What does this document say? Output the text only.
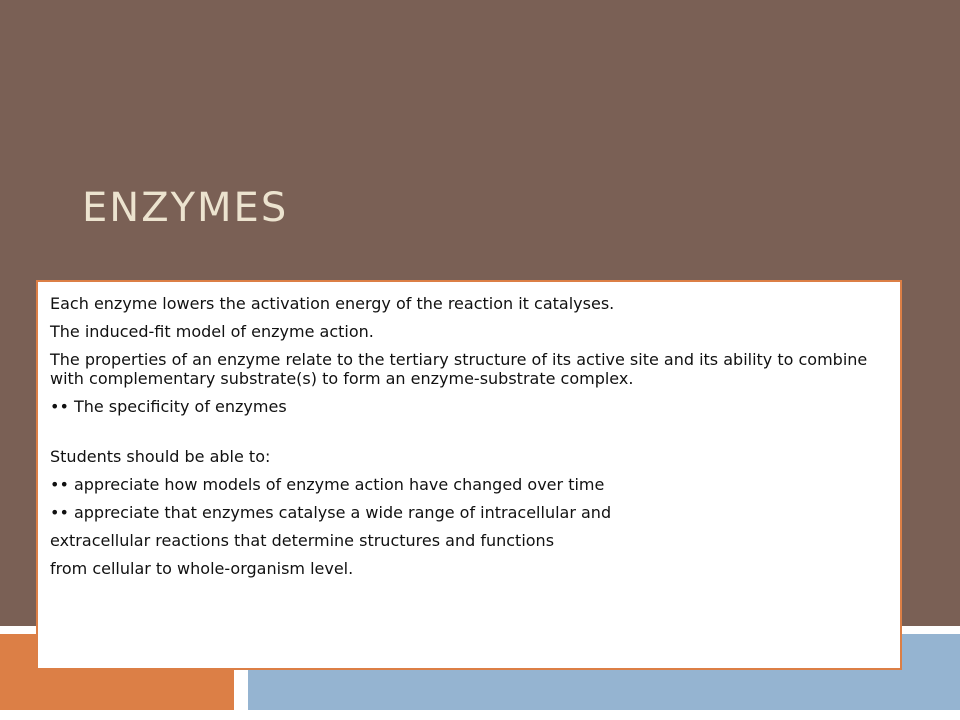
ENZYMES

Each enzyme lowers the activation energy of the reaction it catalyses.

The induced-fit model of enzyme action.

The properties of an enzyme relate to the tertiary structure of its active site and its ability to combine with complementary substrate(s) to form an enzyme-substrate complex.

•• The specificity of enzymes

Students should be able to:

•• appreciate how models of enzyme action have changed over time

•• appreciate that enzymes catalyse a wide range of intracellular and

extracellular reactions that determine structures and functions

from cellular to whole-organism level.
